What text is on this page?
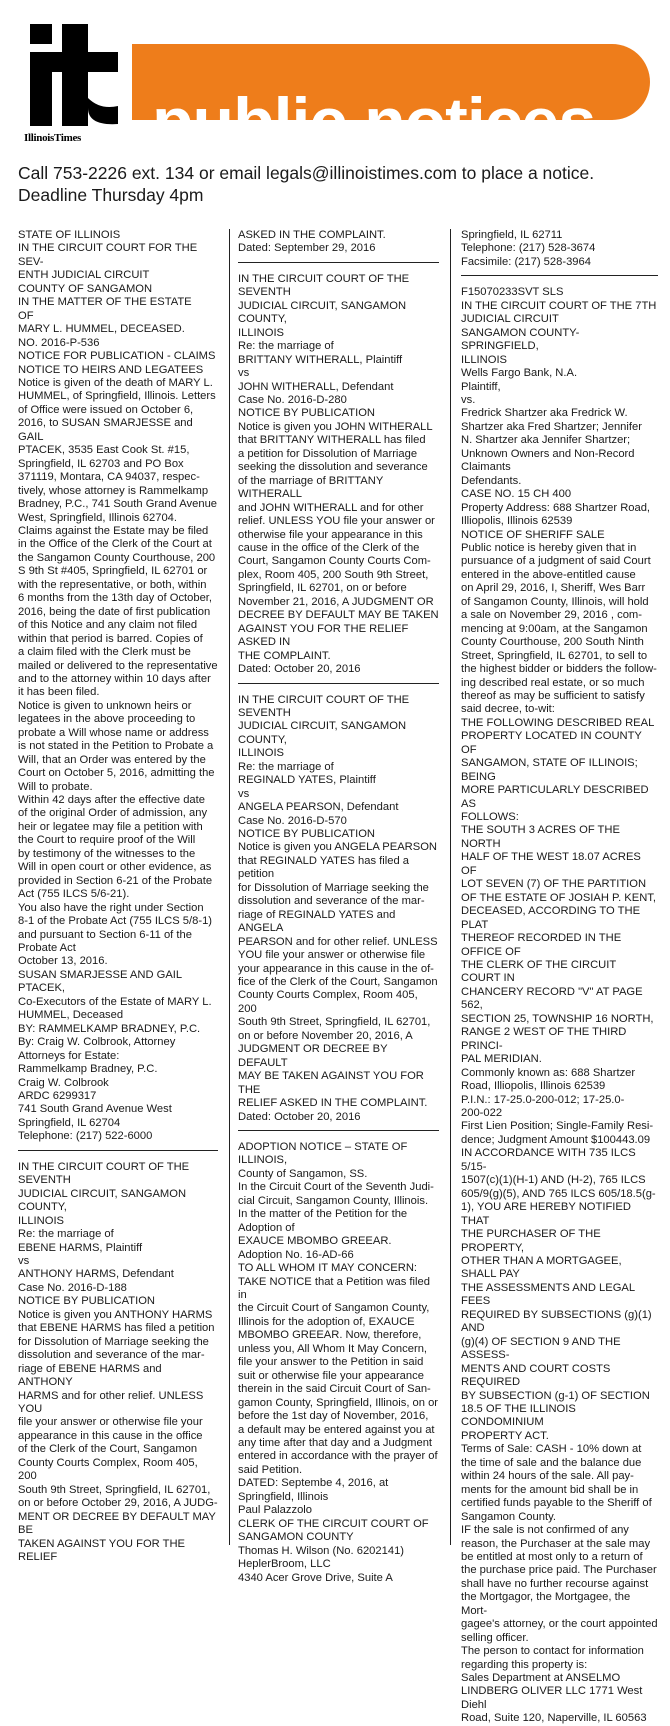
public notices
IllinoisTimes
Call 753-2226 ext. 134 or email legals@illinoistimes.com to place a notice.
Deadline Thursday 4pm

STATE OF ILLINOIS
IN THE CIRCUIT COURT FOR THE SEV-
ENTH JUDICIAL CIRCUIT
COUNTY OF SANGAMON
IN THE MATTER OF THE ESTATE
OF
MARY L. HUMMEL, DECEASED.
NO. 2016-P-536
NOTICE FOR PUBLICATION - CLAIMS
NOTICE TO HEIRS AND LEGATEES
Notice is given of the death of MARY L.
HUMMEL, of Springfield, Illinois. Letters
of Office were issued on October 6,
2016, to SUSAN SMARJESSE and GAIL
PTACEK, 3535 East Cook St. #15,
Springfield, IL 62703 and PO Box
371119, Montara, CA 94037, respec-
tively, whose attorney is Rammelkamp
Bradney, P.C., 741 South Grand Avenue
West, Springfield, Illinois 62704.
Claims against the Estate may be filed
in the Office of the Clerk of the Court at
the Sangamon County Courthouse, 200
S 9th St #405, Springfield, IL 62701 or
with the representative, or both, within
6 months from the 13th day of October,
2016, being the date of first publication
of this Notice and any claim not filed
within that period is barred. Copies of
a claim filed with the Clerk must be
mailed or delivered to the representative
and to the attorney within 10 days after
it has been filed.
Notice is given to unknown heirs or
legatees in the above proceeding to
probate a Will whose name or address
is not stated in the Petition to Probate a
Will, that an Order was entered by the
Court on October 5, 2016, admitting the
Will to probate.
Within 42 days after the effective date
of the original Order of admission, any
heir or legatee may file a petition with
the Court to require proof of the Will
by testimony of the witnesses to the
Will in open court or other evidence, as
provided in Section 6-21 of the Probate
Act (755 ILCS 5/6-21).
You also have the right under Section
8-1 of the Probate Act (755 ILCS 5/8-1)
and pursuant to Section 6-11 of the
Probate Act
October 13, 2016.
SUSAN SMARJESSE AND GAIL PTACEK,
Co-Executors of the Estate of MARY L.
HUMMEL, Deceased
BY: RAMMELKAMP BRADNEY, P.C.
By: Craig W. Colbrook, Attorney
Attorneys for Estate:
Rammelkamp Bradney, P.C.
Craig W. Colbrook
ARDC 6299317
741 South Grand Avenue West
Springfield, IL 62704
Telephone: (217) 522-6000

IN THE CIRCUIT COURT OF THE SEVENTH
JUDICIAL CIRCUIT, SANGAMON COUNTY,
ILLINOIS
Re: the marriage of
EBENE HARMS, Plaintiff
vs
ANTHONY HARMS, Defendant
Case No. 2016-D-188
NOTICE BY PUBLICATION
Notice is given you ANTHONY HARMS
that EBENE HARMS has filed a petition
for Dissolution of Marriage seeking the
dissolution and severance of the mar-
riage of EBENE HARMS and ANTHONY
HARMS and for other relief. UNLESS YOU
file your answer or otherwise file your
appearance in this cause in the office
of the Clerk of the Court, Sangamon
County Courts Complex, Room 405, 200
South 9th Street, Springfield, IL 62701,
on or before October 29, 2016, A JUDG-
MENT OR DECREE BY DEFAULT MAY BE
TAKEN AGAINST YOU FOR THE RELIEF

ASKED IN THE COMPLAINT.
Dated: September 29, 2016

IN THE CIRCUIT COURT OF THE SEVENTH
JUDICIAL CIRCUIT, SANGAMON COUNTY,
ILLINOIS
Re: the marriage of
BRITTANY WITHERALL, Plaintiff
vs
JOHN WITHERALL, Defendant
Case No. 2016-D-280
NOTICE BY PUBLICATION
Notice is given you JOHN WITHERALL
that BRITTANY WITHERALL has filed
a petition for Dissolution of Marriage
seeking the dissolution and severance
of the marriage of BRITTANY WITHERALL
and JOHN WITHERALL and for other
relief. UNLESS YOU file your answer or
otherwise file your appearance in this
cause in the office of the Clerk of the
Court, Sangamon County Courts Com-
plex, Room 405, 200 South 9th Street,
Springfield, IL 62701, on or before
November 21, 2016, A JUDGMENT OR
DECREE BY DEFAULT MAY BE TAKEN
AGAINST YOU FOR THE RELIEF ASKED IN
THE COMPLAINT.
Dated: October 20, 2016

IN THE CIRCUIT COURT OF THE SEVENTH
JUDICIAL CIRCUIT, SANGAMON COUNTY,
ILLINOIS
Re: the marriage of
REGINALD YATES, Plaintiff
vs
ANGELA PEARSON, Defendant
Case No. 2016-D-570
NOTICE BY PUBLICATION
Notice is given you ANGELA PEARSON
that REGINALD YATES has filed a petition
for Dissolution of Marriage seeking the
dissolution and severance of the mar-
riage of REGINALD YATES and ANGELA
PEARSON and for other relief. UNLESS
YOU file your answer or otherwise file
your appearance in this cause in the of-
fice of the Clerk of the Court, Sangamon
County Courts Complex, Room 405, 200
South 9th Street, Springfield, IL 62701,
on or before November 20, 2016, A
JUDGMENT OR DECREE BY DEFAULT
MAY BE TAKEN AGAINST YOU FOR THE
RELIEF ASKED IN THE COMPLAINT.
Dated: October 20, 2016

ADOPTION NOTICE – STATE OF ILLINOIS,
County of Sangamon, SS.
In the Circuit Court of the Seventh Judi-
cial Circuit, Sangamon County, Illinois.
In the matter of the Petition for the
Adoption of
EXAUCE MBOMBO GREEAR.
Adoption No. 16-AD-66
TO ALL WHOM IT MAY CONCERN:
TAKE NOTICE that a Petition was filed in
the Circuit Court of Sangamon County,
Illinois for the adoption of, EXAUCE
MBOMBO GREEAR. Now, therefore,
unless you, All Whom It May Concern,
file your answer to the Petition in said
suit or otherwise file your appearance
therein in the said Circuit Court of San-
gamon County, Springfield, Illinois, on or
before the 1st day of November, 2016,
a default may be entered against you at
any time after that day and a Judgment
entered in accordance with the prayer of
said Petition.
DATED: Septembe 4, 2016, at
Springfield, Illinois
Paul Palazzolo
CLERK OF THE CIRCUIT COURT OF
SANGAMON COUNTY
Thomas H. Wilson (No. 6202141)
HeplerBroom, LLC
4340 Acer Grove Drive, Suite A

Springfield, IL 62711
Telephone: (217) 528-3674
Facsimile: (217) 528-3964

F15070233SVT SLS
IN THE CIRCUIT COURT OF THE 7TH
JUDICIAL CIRCUIT
SANGAMON COUNTY- SPRINGFIELD,
ILLINOIS
Wells Fargo Bank, N.A.
Plaintiff,
vs.
Fredrick Shartzer aka Fredrick W.
Shartzer aka Fred Shartzer; Jennifer
N. Shartzer aka Jennifer Shartzer;
Unknown Owners and Non-Record
Claimants
Defendants.
CASE NO. 15 CH 400
Property Address: 688 Shartzer Road,
Illiopolis, Illinois 62539
NOTICE OF SHERIFF SALE
Public notice is hereby given that in
pursuance of a judgment of said Court
entered in the above-entitled cause
on April 29, 2016, I, Sheriff, Wes Barr
of Sangamon County, Illinois, will hold
a sale on November 29, 2016 , com-
mencing at 9:00am, at the Sangamon
County Courthouse, 200 South Ninth
Street, Springfield, IL 62701, to sell to
the highest bidder or bidders the follow-
ing described real estate, or so much
thereof as may be sufficient to satisfy
said decree, to-wit:
THE FOLLOWING DESCRIBED REAL
PROPERTY LOCATED IN COUNTY OF
SANGAMON, STATE OF ILLINOIS; BEING
MORE PARTICULARLY DESCRIBED AS
FOLLOWS:
THE SOUTH 3 ACRES OF THE NORTH
HALF OF THE WEST 18.07 ACRES OF
LOT SEVEN (7) OF THE PARTITION
OF THE ESTATE OF JOSIAH P. KENT,
DECEASED, ACCORDING TO THE PLAT
THEREOF RECORDED IN THE OFFICE OF
THE CLERK OF THE CIRCUIT COURT IN
CHANCERY RECORD "V" AT PAGE 562,
SECTION 25, TOWNSHIP 16 NORTH,
RANGE 2 WEST OF THE THIRD PRINCI-
PAL MERIDIAN.
Commonly known as: 688 Shartzer
Road, Illiopolis, Illinois 62539
P.I.N.: 17-25.0-200-012; 17-25.0-
200-022
First Lien Position; Single-Family Resi-
dence; Judgment Amount $100443.09
IN ACCORDANCE WITH 735 ILCS 5/15-
1507(c)(1)(H-1) AND (H-2), 765 ILCS
605/9(g)(5), AND 765 ILCS 605/18.5(g-
1), YOU ARE HEREBY NOTIFIED THAT
THE PURCHASER OF THE PROPERTY,
OTHER THAN A MORTGAGEE, SHALL PAY
THE ASSESSMENTS AND LEGAL FEES
REQUIRED BY SUBSECTIONS (g)(1) AND
(g)(4) OF SECTION 9 AND THE ASSESS-
MENTS AND COURT COSTS REQUIRED
BY SUBSECTION (g-1) OF SECTION
18.5 OF THE ILLINOIS CONDOMINIUM
PROPERTY ACT.
Terms of Sale: CASH - 10% down at
the time of sale and the balance due
within 24 hours of the sale. All pay-
ments for the amount bid shall be in
certified funds payable to the Sheriff of
Sangamon County.
IF the sale is not confirmed of any
reason, the Purchaser at the sale may
be entitled at most only to a return of
the purchase price paid. The Purchaser
shall have no further recourse against
the Mortgagor, the Mortgagee, the Mort-
gagee's attorney, or the court appointed
selling officer.
The person to contact for information
regarding this property is:
Sales Department at ANSELMO
LINDBERG OLIVER LLC 1771 West Diehl
Road, Suite 120, Naperville, IL 60563
